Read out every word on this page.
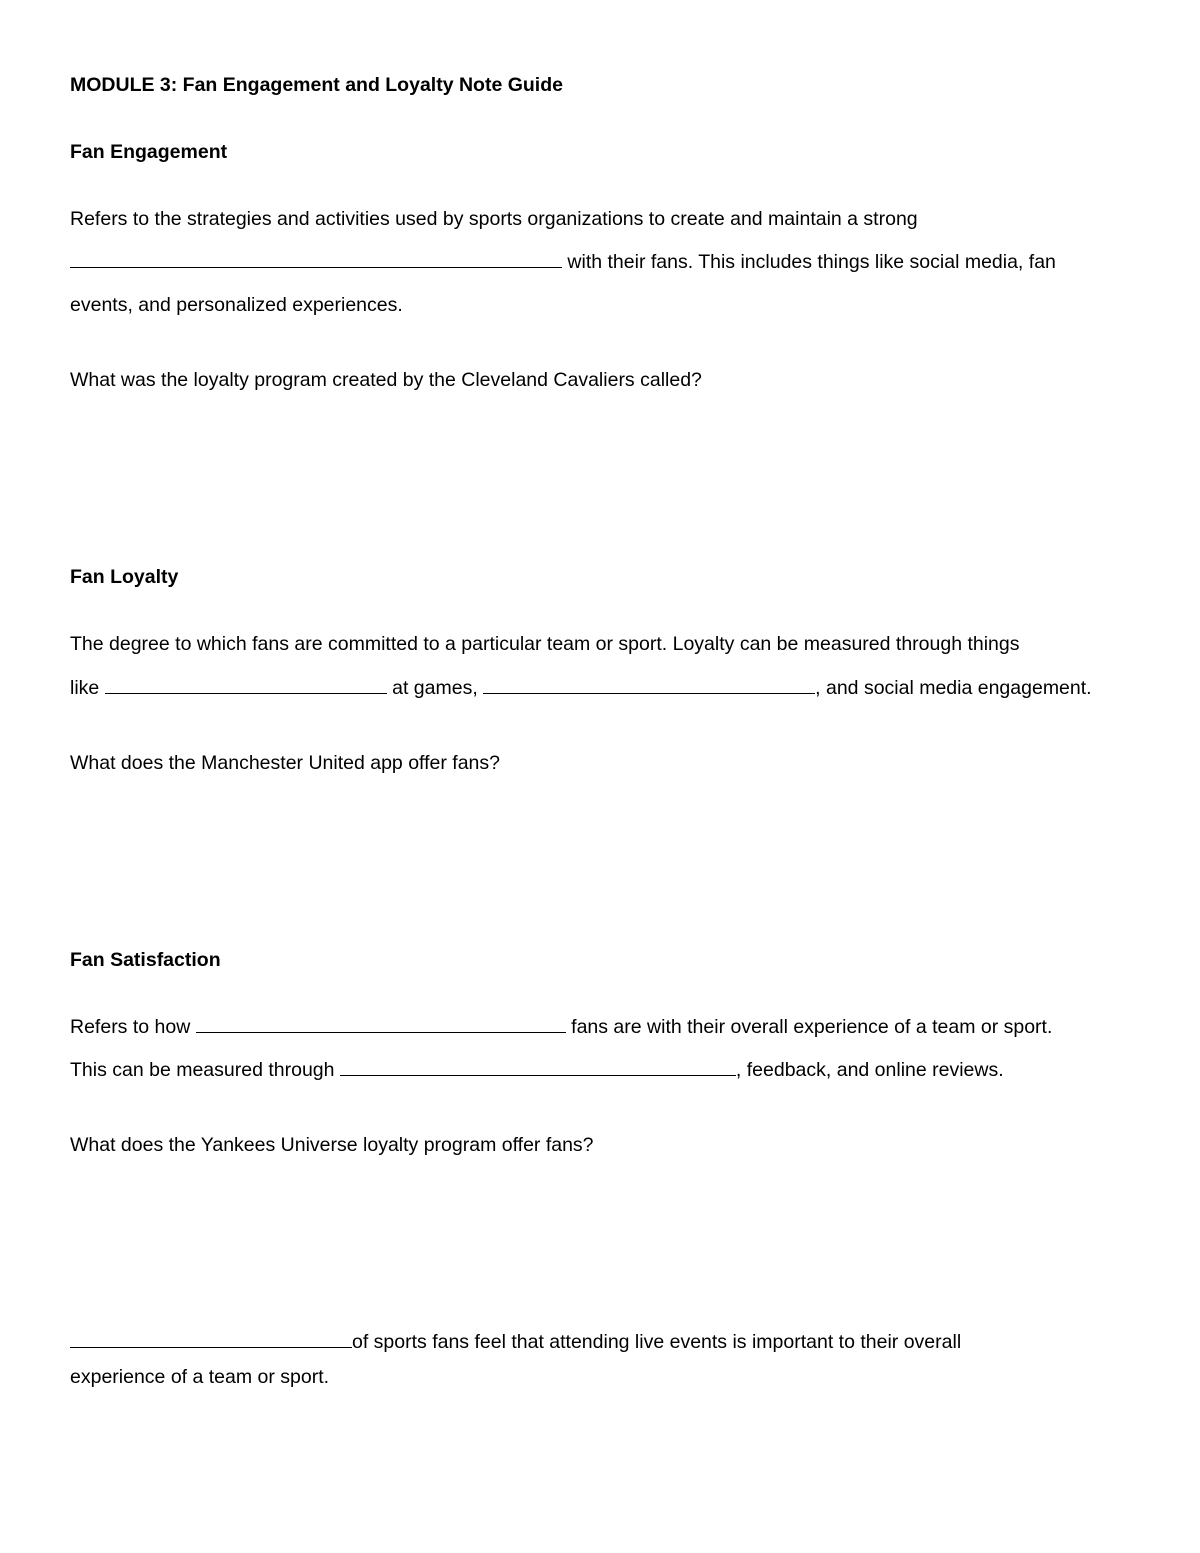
MODULE 3: Fan Engagement and Loyalty Note Guide

Fan Engagement

Refers to the strategies and activities used by sports organizations to create and maintain a strong

with their fans. This includes things like social media, fan

events, and personalized experiences.

What was the loyalty program created by the Cleveland Cavaliers called?

Fan Loyalty

The degree to which fans are committed to a particular team or sport. Loyalty can be measured through things

like	at games,	, and social media engagement.

What does the Manchester United app offer fans?

Fan Satisfaction

Refers to how	fans are with their overall experience of a team or sport.

This can be measured through	, feedback, and online reviews.

What does the Yankees Universe loyalty program offer fans?

of sports fans feel that attending live events is important to their overall

experience of a team or sport.
